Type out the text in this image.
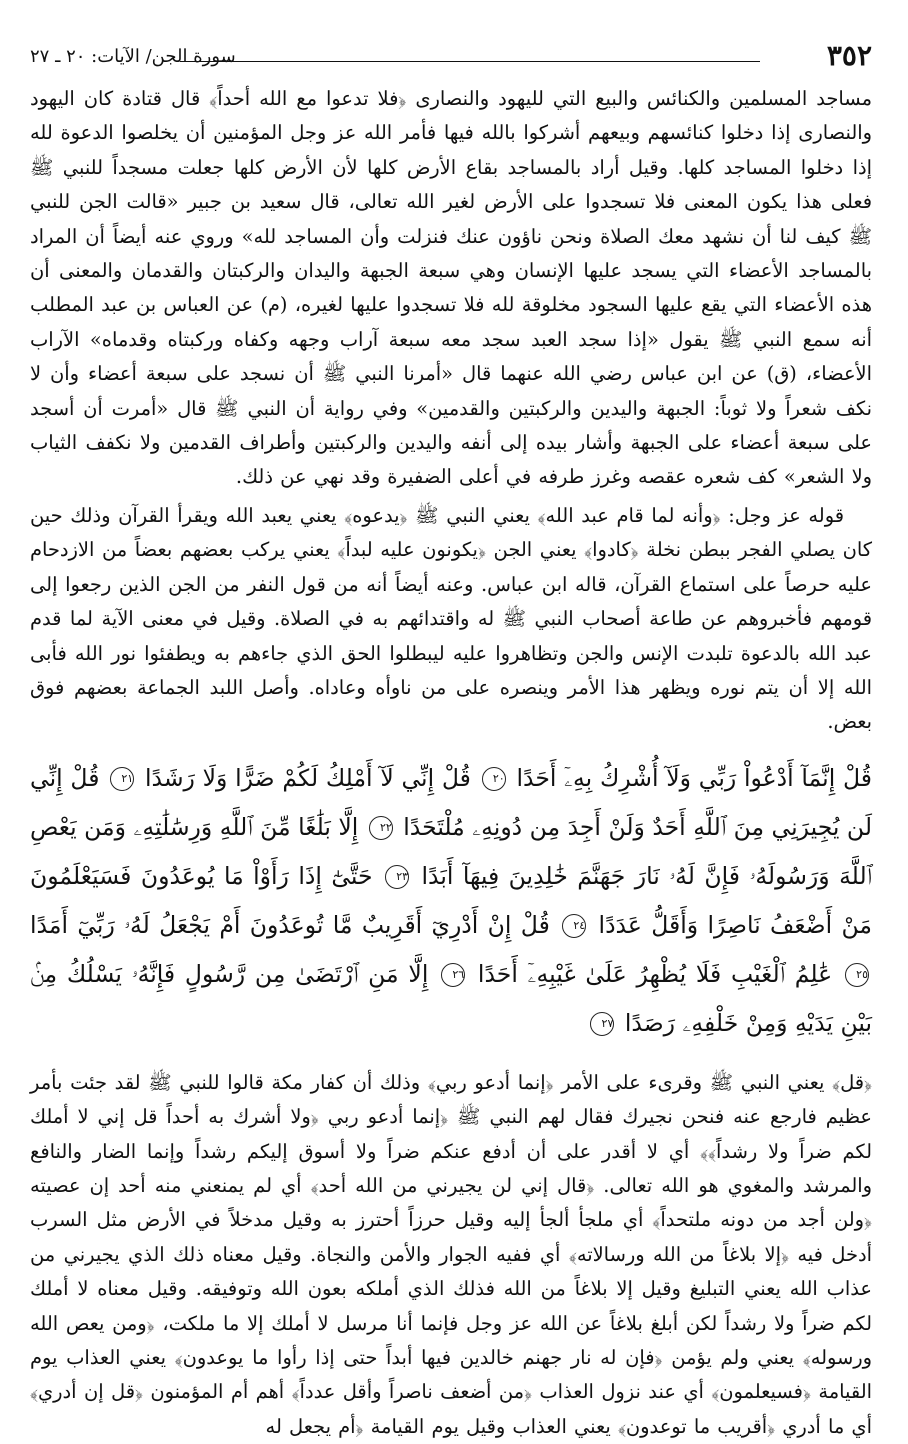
٣٥٢
سورة الجن/ الآيات: ٢٠ ـ ٢٧

مساجد المسلمين والكنائس والبيع التي لليهود والنصارى ﴿فلا تدعوا مع الله أحداً﴾ قال قتادة كان اليهود والنصارى إذا دخلوا كنائسهم وبيعهم أشركوا بالله فيها فأمر الله عز وجل المؤمنين أن يخلصوا الدعوة لله إذا دخلوا المساجد كلها. وقيل أراد بالمساجد بقاع الأرض كلها لأن الأرض كلها جعلت مسجداً للنبي ﷺ فعلى هذا يكون المعنى فلا تسجدوا على الأرض لغير الله تعالى، قال سعيد بن جبير «قالت الجن للنبي ﷺ كيف لنا أن نشهد معك الصلاة ونحن ناؤون عنك فنزلت وأن المساجد لله» وروي عنه أيضاً أن المراد بالمساجد الأعضاء التي يسجد عليها الإنسان وهي سبعة الجبهة واليدان والركبتان والقدمان والمعنى أن هذه الأعضاء التي يقع عليها السجود مخلوقة لله فلا تسجدوا عليها لغيره، (م) عن العباس بن عبد المطلب أنه سمع النبي ﷺ يقول «إذا سجد العبد سجد معه سبعة آراب وجهه وكفاه وركبتاه وقدماه» الآراب الأعضاء، (ق) عن ابن عباس رضي الله عنهما قال «أمرنا النبي ﷺ أن نسجد على سبعة أعضاء وأن لا نكف شعراً ولا ثوباً: الجبهة واليدين والركبتين والقدمين» وفي رواية أن النبي ﷺ قال «أمرت أن أسجد على سبعة أعضاء على الجبهة وأشار بيده إلى أنفه واليدين والركبتين وأطراف القدمين ولا نكفف الثياب ولا الشعر» كف شعره عقصه وغرز طرفه في أعلى الضفيرة وقد نهي عن ذلك.

قوله عز وجل: ﴿وأنه لما قام عبد الله﴾ يعني النبي ﷺ ﴿يدعوه﴾ يعني يعبد الله ويقرأ القرآن وذلك حين كان يصلي الفجر ببطن نخلة ﴿كادوا﴾ يعني الجن ﴿يكونون عليه لبداً﴾ يعني يركب بعضهم بعضاً من الازدحام عليه حرصاً على استماع القرآن، قاله ابن عباس. وعنه أيضاً أنه من قول النفر من الجن الذين رجعوا إلى قومهم فأخبروهم عن طاعة أصحاب النبي ﷺ له واقتدائهم به في الصلاة. وقيل في معنى الآية لما قدم عبد الله بالدعوة تلبدت الإنس والجن وتظاهروا عليه ليبطلوا الحق الذي جاءهم به ويطفئوا نور الله فأبى الله إلا أن يتم نوره ويظهر هذا الأمر وينصره على من ناوأه وعاداه. وأصل اللبد الجماعة بعضهم فوق بعض.

قُلْ إِنَّمَآ أَدْعُواْ رَبِّي وَلَآ أُشْرِكُ بِهِۦٓ أَحَدًا ٢٠ قُلْ إِنِّي لَآ أَمْلِكُ لَكُمْ ضَرًّا وَلَا رَشَدًا ٢١ قُلْ إِنِّي لَن يُجِيرَنِي مِنَ ٱللَّهِ أَحَدٌ وَلَنْ أَجِدَ مِن دُونِهِۦ مُلْتَحَدًا ٢٢ إِلَّا بَلَٰغًا مِّنَ ٱللَّهِ وَرِسَٰلَٰتِهِۦ وَمَن يَعْصِ ٱللَّهَ وَرَسُولَهُۥ فَإِنَّ لَهُۥ نَارَ جَهَنَّمَ خَٰلِدِينَ فِيهَآ أَبَدًا ٢٣ حَتَّىٰٓ إِذَا رَأَوْاْ مَا يُوعَدُونَ فَسَيَعْلَمُونَ مَنْ أَضْعَفُ نَاصِرًا وَأَقَلُّ عَدَدًا ٢٤ قُلْ إِنْ أَدْرِيٓ أَقَرِيبٌ مَّا تُوعَدُونَ أَمْ يَجْعَلُ لَهُۥ رَبِّيٓ أَمَدًا ٢٥ عَٰلِمُ ٱلْغَيْبِ فَلَا يُظْهِرُ عَلَىٰ غَيْبِهِۦٓ أَحَدًا ٢٦ إِلَّا مَنِ ٱرْتَضَىٰ مِن رَّسُولٍ فَإِنَّهُۥ يَسْلُكُ مِنۢ بَيْنِ يَدَيْهِ وَمِنْ خَلْفِهِۦ رَصَدًا ٢٧

﴿قل﴾ يعني النبي ﷺ وقرىء على الأمر ﴿إنما أدعو ربي﴾ وذلك أن كفار مكة قالوا للنبي ﷺ لقد جئت بأمر عظيم فارجع عنه فنحن نجيرك فقال لهم النبي ﷺ ﴿إنما أدعو ربي ﴿ولا أشرك به أحداً قل إني لا أملك لكم ضراً ولا رشداً﴾﴾ أي لا أقدر على أن أدفع عنكم ضراً ولا أسوق إليكم رشداً وإنما الضار والنافع والمرشد والمغوي هو الله تعالى. ﴿قال إني لن يجيرني من الله أحد﴾ أي لم يمنعني منه أحد إن عصيته ﴿ولن أجد من دونه ملتحداً﴾ أي ملجأ ألجأ إليه وقيل حرزاً أحترز به وقيل مدخلاً في الأرض مثل السرب أدخل فيه ﴿إلا بلاغاً من الله ورسالاته﴾ أي ففيه الجوار والأمن والنجاة. وقيل معناه ذلك الذي يجيرني من عذاب الله يعني التبليغ وقيل إلا بلاغاً من الله فذلك الذي أملكه بعون الله وتوفيقه. وقيل معناه لا أملك لكم ضراً ولا رشداً لكن أبلغ بلاغاً عن الله عز وجل فإنما أنا مرسل لا أملك إلا ما ملكت، ﴿ومن يعص الله ورسوله﴾ يعني ولم يؤمن ﴿فإن له نار جهنم خالدين فيها أبداً حتى إذا رأوا ما يوعدون﴾ يعني العذاب يوم القيامة ﴿فسيعلمون﴾ أي عند نزول العذاب ﴿من أضعف ناصراً وأقل عدداً﴾ أهم أم المؤمنون ﴿قل إن أدري﴾ أي ما أدري ﴿أقريب ما توعدون﴾ يعني العذاب وقيل يوم القيامة ﴿أم يجعل له
